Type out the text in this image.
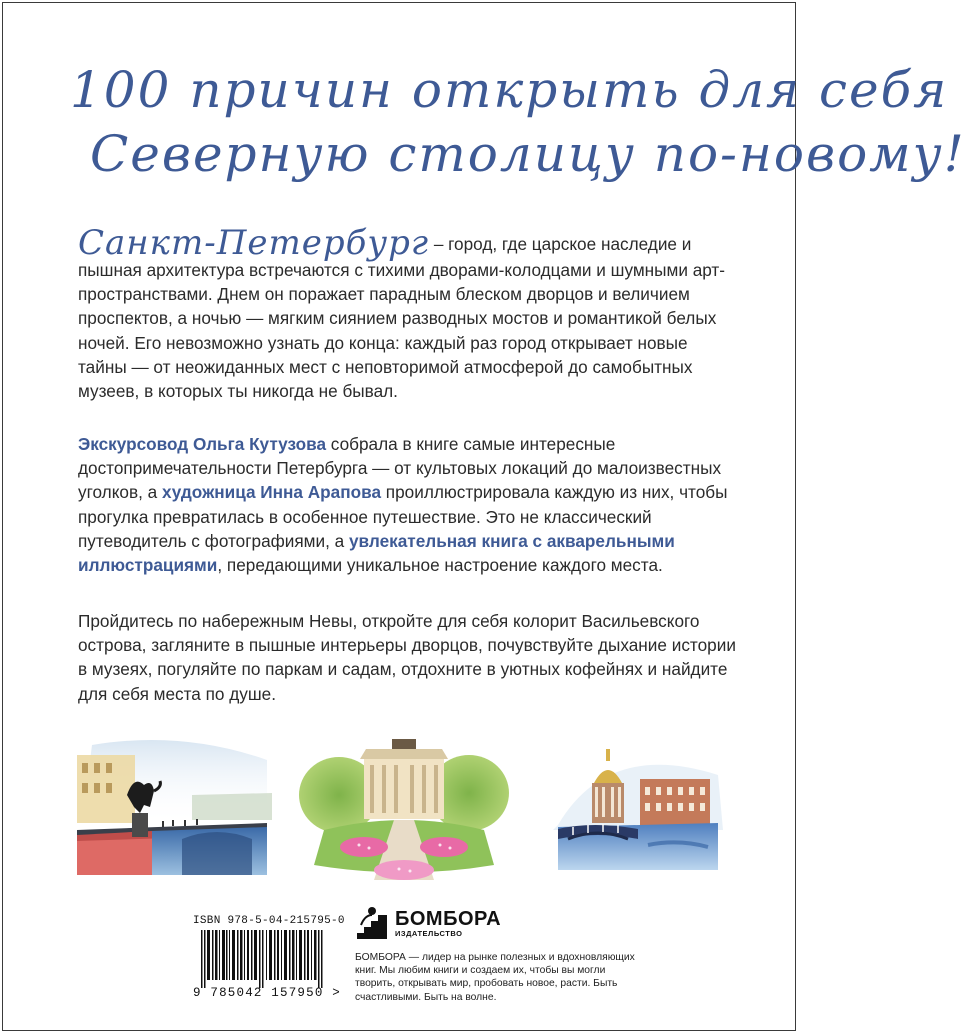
100 причин открыть для себя
Северную столицу по-новому!
Санкт-Петербург – город, где царское наследие и пышная архитектура встречаются с тихими дворами-колодцами и шумными арт-пространствами. Днем он поражает парадным блеском дворцов и величием проспектов, а ночью — мягким сиянием разводных мостов и романтикой белых ночей. Его невозможно узнать до конца: каждый раз город открывает новые тайны — от неожиданных мест с неповторимой атмосферой до самобытных музеев, в которых ты никогда не бывал.
Экскурсовод Ольга Кутузова собрала в книге самые интересные достопримечательности Петербурга — от культовых локаций до малоизвестных уголков, а художница Инна Арапова проиллюстрировала каждую из них, чтобы прогулка превратилась в особенное путешествие. Это не классический путеводитель с фотографиями, а увлекательная книга с акварельными иллюстрациями, передающими уникальное настроение каждого места.
Пройдитесь по набережным Невы, откройте для себя колорит Васильевского острова, загляните в пышные интерьеры дворцов, почувствуйте дыхание истории в музеях, погуляйте по паркам и садам, отдохните в уютных кофейнях и найдите для себя места по душе.
ISBN 978-5-04-215795-0
9 785042 157950 >
БОМБОРА
ИЗДАТЕЛЬСТВО
БОМБОРА — лидер на рынке полезных и вдохновляющих книг. Мы любим книги и создаем их, чтобы вы могли творить, открывать мир, пробовать новое, расти. Быть счастливыми. Быть на волне.
